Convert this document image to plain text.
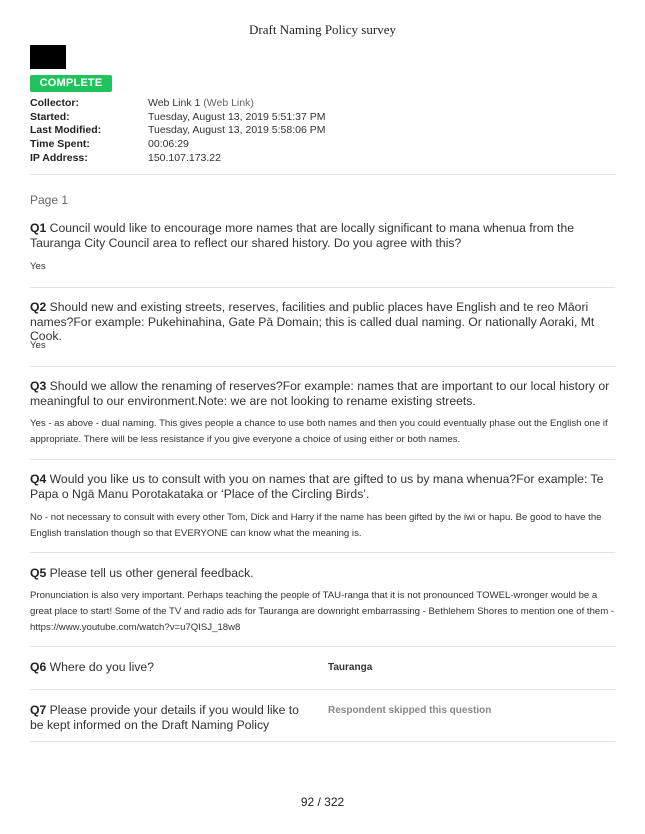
Draft Naming Policy survey
COMPLETE
Collector:	Web Link 1 (Web Link)
Started:	Tuesday, August 13, 2019 5:51:37 PM
Last Modified:	Tuesday, August 13, 2019 5:58:06 PM
Time Spent:	00:06:29
IP Address:	150.107.173.22
Page 1
Q1 Council would like to encourage more names that are locally significant to mana whenua from the Tauranga City Council area to reflect our shared history. Do you agree with this?
Yes
Q2 Should new and existing streets, reserves, facilities and public places have English and te reo Māori names?For example: Pukehinahina, Gate Pā Domain; this is called dual naming. Or nationally Aoraki, Mt Cook.
Yes
Q3 Should we allow the renaming of reserves?For example: names that are important to our local history or meaningful to our environment.Note: we are not looking to rename existing streets.
Yes - as above - dual naming. This gives people a chance to use both names and then you could eventually phase out the English one if appropriate. There will be less resistance if you give everyone a choice of using either or both names.
Q4 Would you like us to consult with you on names that are gifted to us by mana whenua?For example: Te Papa o Ngā Manu Porotakataka or ‘Place of the Circling Birds’.
No - not necessary to consult with every other Tom, Dick and Harry if the name has been gifted by the iwi or hapu. Be good to have the English translation though so that EVERYONE can know what the meaning is.
Q5 Please tell us other general feedback.
Pronunciation is also very important. Perhaps teaching the people of TAU-ranga that it is not pronounced TOWEL-wronger would be a great place to start! Some of the TV and radio ads for Tauranga are downright embarrassing - Bethlehem Shores to mention one of them - https://www.youtube.com/watch?v=u7QISJ_18w8
Q6 Where do you live?	Tauranga
Q7 Please provide your details if you would like to be kept informed on the Draft Naming Policy
Respondent skipped this question
92 / 322
